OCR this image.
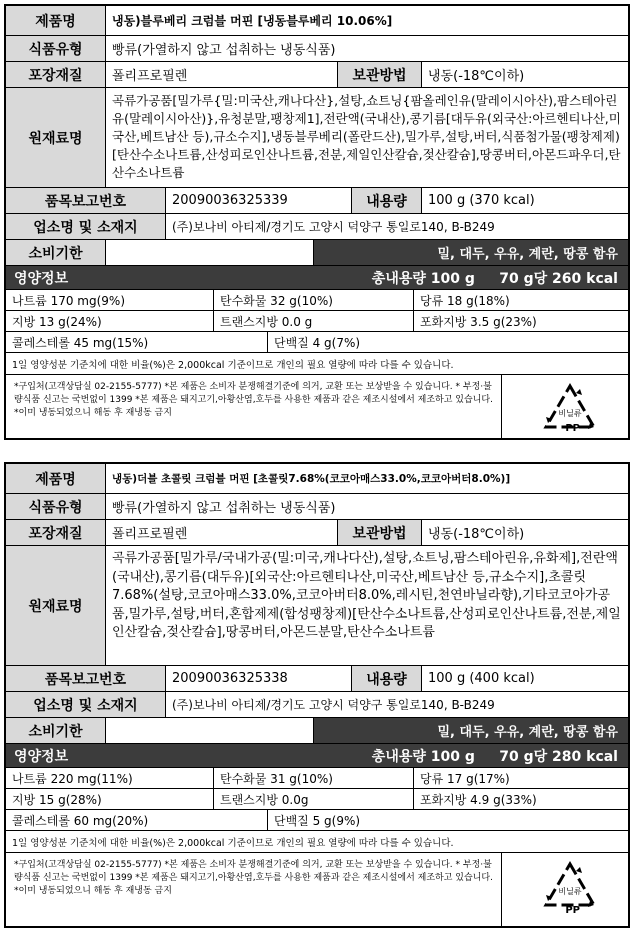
제품명	냉동)블루베리 크럼블 머핀 [냉동블루베리 10.06%]
식품유형	빵류(가열하지 않고 섭취하는 냉동식품)
포장재질	폴리프로필렌	보관방법	냉동(-18℃이하)
원재료명
곡류가공품[밀가루{밀:미국산,캐나다산},설탕,쇼트닝{팜올레인유(말레이시아산),팜스테아린유(말레이시아산)},유청분말,팽창제1],전란액(국내산),콩기름[대두유(외국산:아르헨티나산,미국산,베트남산 등),규소수지],냉동블루베리(폴란드산),밀가루,설탕,버터,식품첨가물(팽창제제)[탄산수소나트륨,산성피로인산나트륨,전분,제일인산칼슘,젖산칼슘],땅콩버터,아몬드파우더,탄산수소나트륨
품목보고번호	20090036325339	내용량	100 g (370 kcal)
업소명 및 소재지	(주)보나비 아티제/경기도 고양시 덕양구 통일로140, B-B249
소비기한	밀, 대두, 우유, 계란, 땅콩 함유
영양정보	총내용량 100 g     70 g당 260 kcal
나트륨 170 mg(9%)	탄수화물 32 g(10%)	당류 18 g(18%)
지방 13 g(24%)	트랜스지방 0.0 g	포화지방 3.5 g(23%)
콜레스테롤 45 mg(15%)	단백질 4 g(7%)
1일 영양성분 기준치에 대한 비율(%)은 2,000kcal 기준이므로 개인의 필요 열량에 따라 다를 수 있습니다.
*구입처(고객상담실 02-2155-5777) *본 제품은 소비자 분쟁해결기준에 의거, 교환 또는 보상받을 수 있습니다. * 부정·불량식품 신고는 국번없이 1399 *본 제품은 돼지고기,아황산염,호두를 사용한 제품과 같은 제조시설에서 제조하고 있습니다. *이미 냉동되었으니 해동 후 재냉동 금지	비닐류
PP
제품명	냉동)더블 초콜릿 크럼블 머핀 [초콜릿7.68%(코코아매스33.0%,코코아버터8.0%)]
식품유형	빵류(가열하지 않고 섭취하는 냉동식품)
포장재질	폴리프로필렌	보관방법	냉동(-18℃이하)
원재료명
곡류가공품[밀가루/국내가공(밀:미국,캐나다산),설탕,쇼트닝,팜스테아린유,유화제],전란액(국내산),콩기름(대두유)[외국산:아르헨티나산,미국산,베트남산 등,규소수지],초콜릿7.68%(설탕,코코아매스33.0%,코코아버터8.0%,레시틴,천연바닐라향),기타코코아가공품,밀가루,설탕,버터,혼합제제(합성팽창제)[탄산수소나트륨,산성피로인산나트륨,전분,제일인산칼슘,젖산칼슘],땅콩버터,아몬드분말,탄산수소나트륨
품목보고번호	20090036325338	내용량	100 g (400 kcal)
업소명 및 소재지	(주)보나비 아티제/경기도 고양시 덕양구 통일로140, B-B249
소비기한	밀, 대두, 우유, 계란, 땅콩 함유
영양정보	총내용량 100 g     70 g당 280 kcal
나트륨 220 mg(11%)	탄수화물 31 g(10%)	당류 17 g(17%)
지방 15 g(28%)	트랜스지방 0.0g	포화지방 4.9 g(33%)
콜레스테롤 60 mg(20%)	단백질 5 g(9%)
1일 영양성분 기준치에 대한 비율(%)은 2,000kcal 기준이므로 개인의 필요 열량에 따라 다를 수 있습니다.
*구입처(고객상담실 02-2155-5777) *본 제품은 소비자 분쟁해결기준에 의거, 교환 또는 보상받을 수 있습니다. * 부정·불량식품 신고는 국번없이 1399 *본 제품은 돼지고기,아황산염,호두를 사용한 제품과 같은 제조시설에서 제조하고 있습니다. *이미 냉동되었으니 해동 후 재냉동 금지	비닐류
PP
